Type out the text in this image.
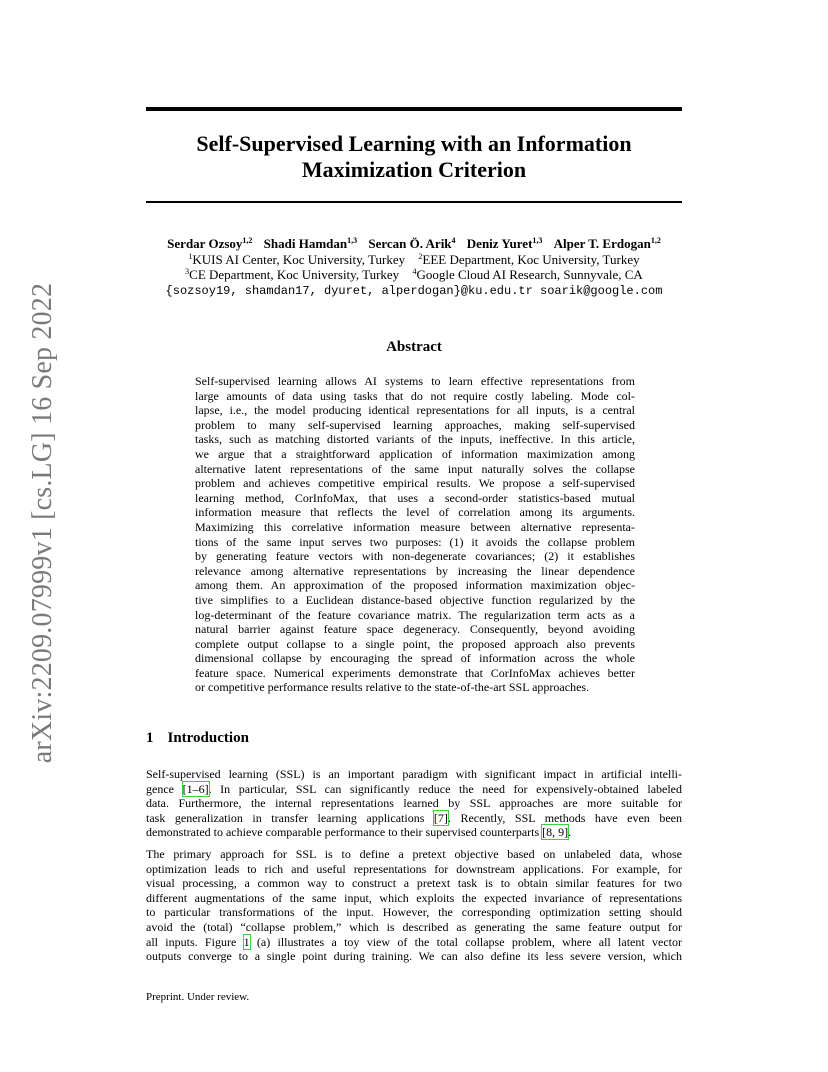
arXiv:2209.07999v1 [cs.LG] 16 Sep 2022
Self-Supervised Learning with an Information
Maximization Criterion
Serdar Ozsoy$^{1,2}$ Shadi Hamdan$^{1,3}$ Sercan Ö. Arik$^4$ Deniz Yuret$^{1,3}$ Alper T. Erdogan$^{1,2}$
$^1$KUIS AI Center, Koc University, Turkey $^2$EEE Department, Koc University, Turkey
$^3$CE Department, Koc University, Turkey $^4$Google Cloud AI Research, Sunnyvale, CA
{sozsoy19, shamdan17, dyuret, alperdogan}@ku.edu.tr soarik@google.com
Abstract
Self-supervised learning allows AI systems to learn effective representations from
large amounts of data using tasks that do not require costly labeling. Mode col-
lapse, i.e., the model producing identical representations for all inputs, is a central
problem to many self-supervised learning approaches, making self-supervised
tasks, such as matching distorted variants of the inputs, ineffective. In this article,
we argue that a straightforward application of information maximization among
alternative latent representations of the same input naturally solves the collapse
problem and achieves competitive empirical results. We propose a self-supervised
learning method, CorInfoMax, that uses a second-order statistics-based mutual
information measure that reflects the level of correlation among its arguments.
Maximizing this correlative information measure between alternative representa-
tions of the same input serves two purposes: (1) it avoids the collapse problem
by generating feature vectors with non-degenerate covariances; (2) it establishes
relevance among alternative representations by increasing the linear dependence
among them. An approximation of the proposed information maximization objec-
tive simplifies to a Euclidean distance-based objective function regularized by the
log-determinant of the feature covariance matrix. The regularization term acts as a
natural barrier against feature space degeneracy. Consequently, beyond avoiding
complete output collapse to a single point, the proposed approach also prevents
dimensional collapse by encouraging the spread of information across the whole
feature space. Numerical experiments demonstrate that CorInfoMax achieves better
or competitive performance results relative to the state-of-the-art SSL approaches.
1 Introduction
Self-supervised learning (SSL) is an important paradigm with significant impact in artificial intelli-
gence [1–6]. In particular, SSL can significantly reduce the need for expensively-obtained labeled
data. Furthermore, the internal representations learned by SSL approaches are more suitable for
task generalization in transfer learning applications [7]. Recently, SSL methods have even been
demonstrated to achieve comparable performance to their supervised counterparts [8, 9].
The primary approach for SSL is to define a pretext objective based on unlabeled data, whose
optimization leads to rich and useful representations for downstream applications. For example, for
visual processing, a common way to construct a pretext task is to obtain similar features for two
different augmentations of the same input, which exploits the expected invariance of representations
to particular transformations of the input. However, the corresponding optimization setting should
avoid the (total) “collapse problem,” which is described as generating the same feature output for
all inputs. Figure 1 (a) illustrates a toy view of the total collapse problem, where all latent vector
outputs converge to a single point during training. We can also define its less severe version, which
Preprint. Under review.
